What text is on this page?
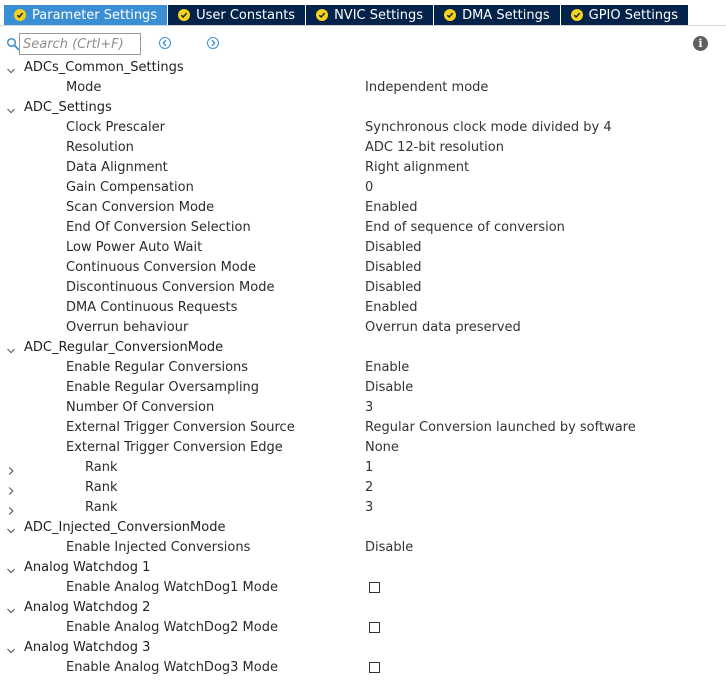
Parameter Settings	User Constants	NVIC Settings	DMA Settings	GPIO Settings
Search (Crtl+F)
i
ADCs_Common_Settings
Mode	Independent mode
ADC_Settings
Clock Prescaler	Synchronous clock mode divided by 4
Resolution	ADC 12-bit resolution
Data Alignment	Right alignment
Gain Compensation	0
Scan Conversion Mode	Enabled
End Of Conversion Selection	End of sequence of conversion
Low Power Auto Wait	Disabled
Continuous Conversion Mode	Disabled
Discontinuous Conversion Mode	Disabled
DMA Continuous Requests	Enabled
Overrun behaviour	Overrun data preserved
ADC_Regular_ConversionMode
Enable Regular Conversions	Enable
Enable Regular Oversampling	Disable
Number Of Conversion	3
External Trigger Conversion Source	Regular Conversion launched by software
External Trigger Conversion Edge	None
Rank	1
Rank	2
Rank	3
ADC_Injected_ConversionMode
Enable Injected Conversions	Disable
Analog Watchdog 1
Enable Analog WatchDog1 Mode
Analog Watchdog 2
Enable Analog WatchDog2 Mode
Analog Watchdog 3
Enable Analog WatchDog3 Mode
